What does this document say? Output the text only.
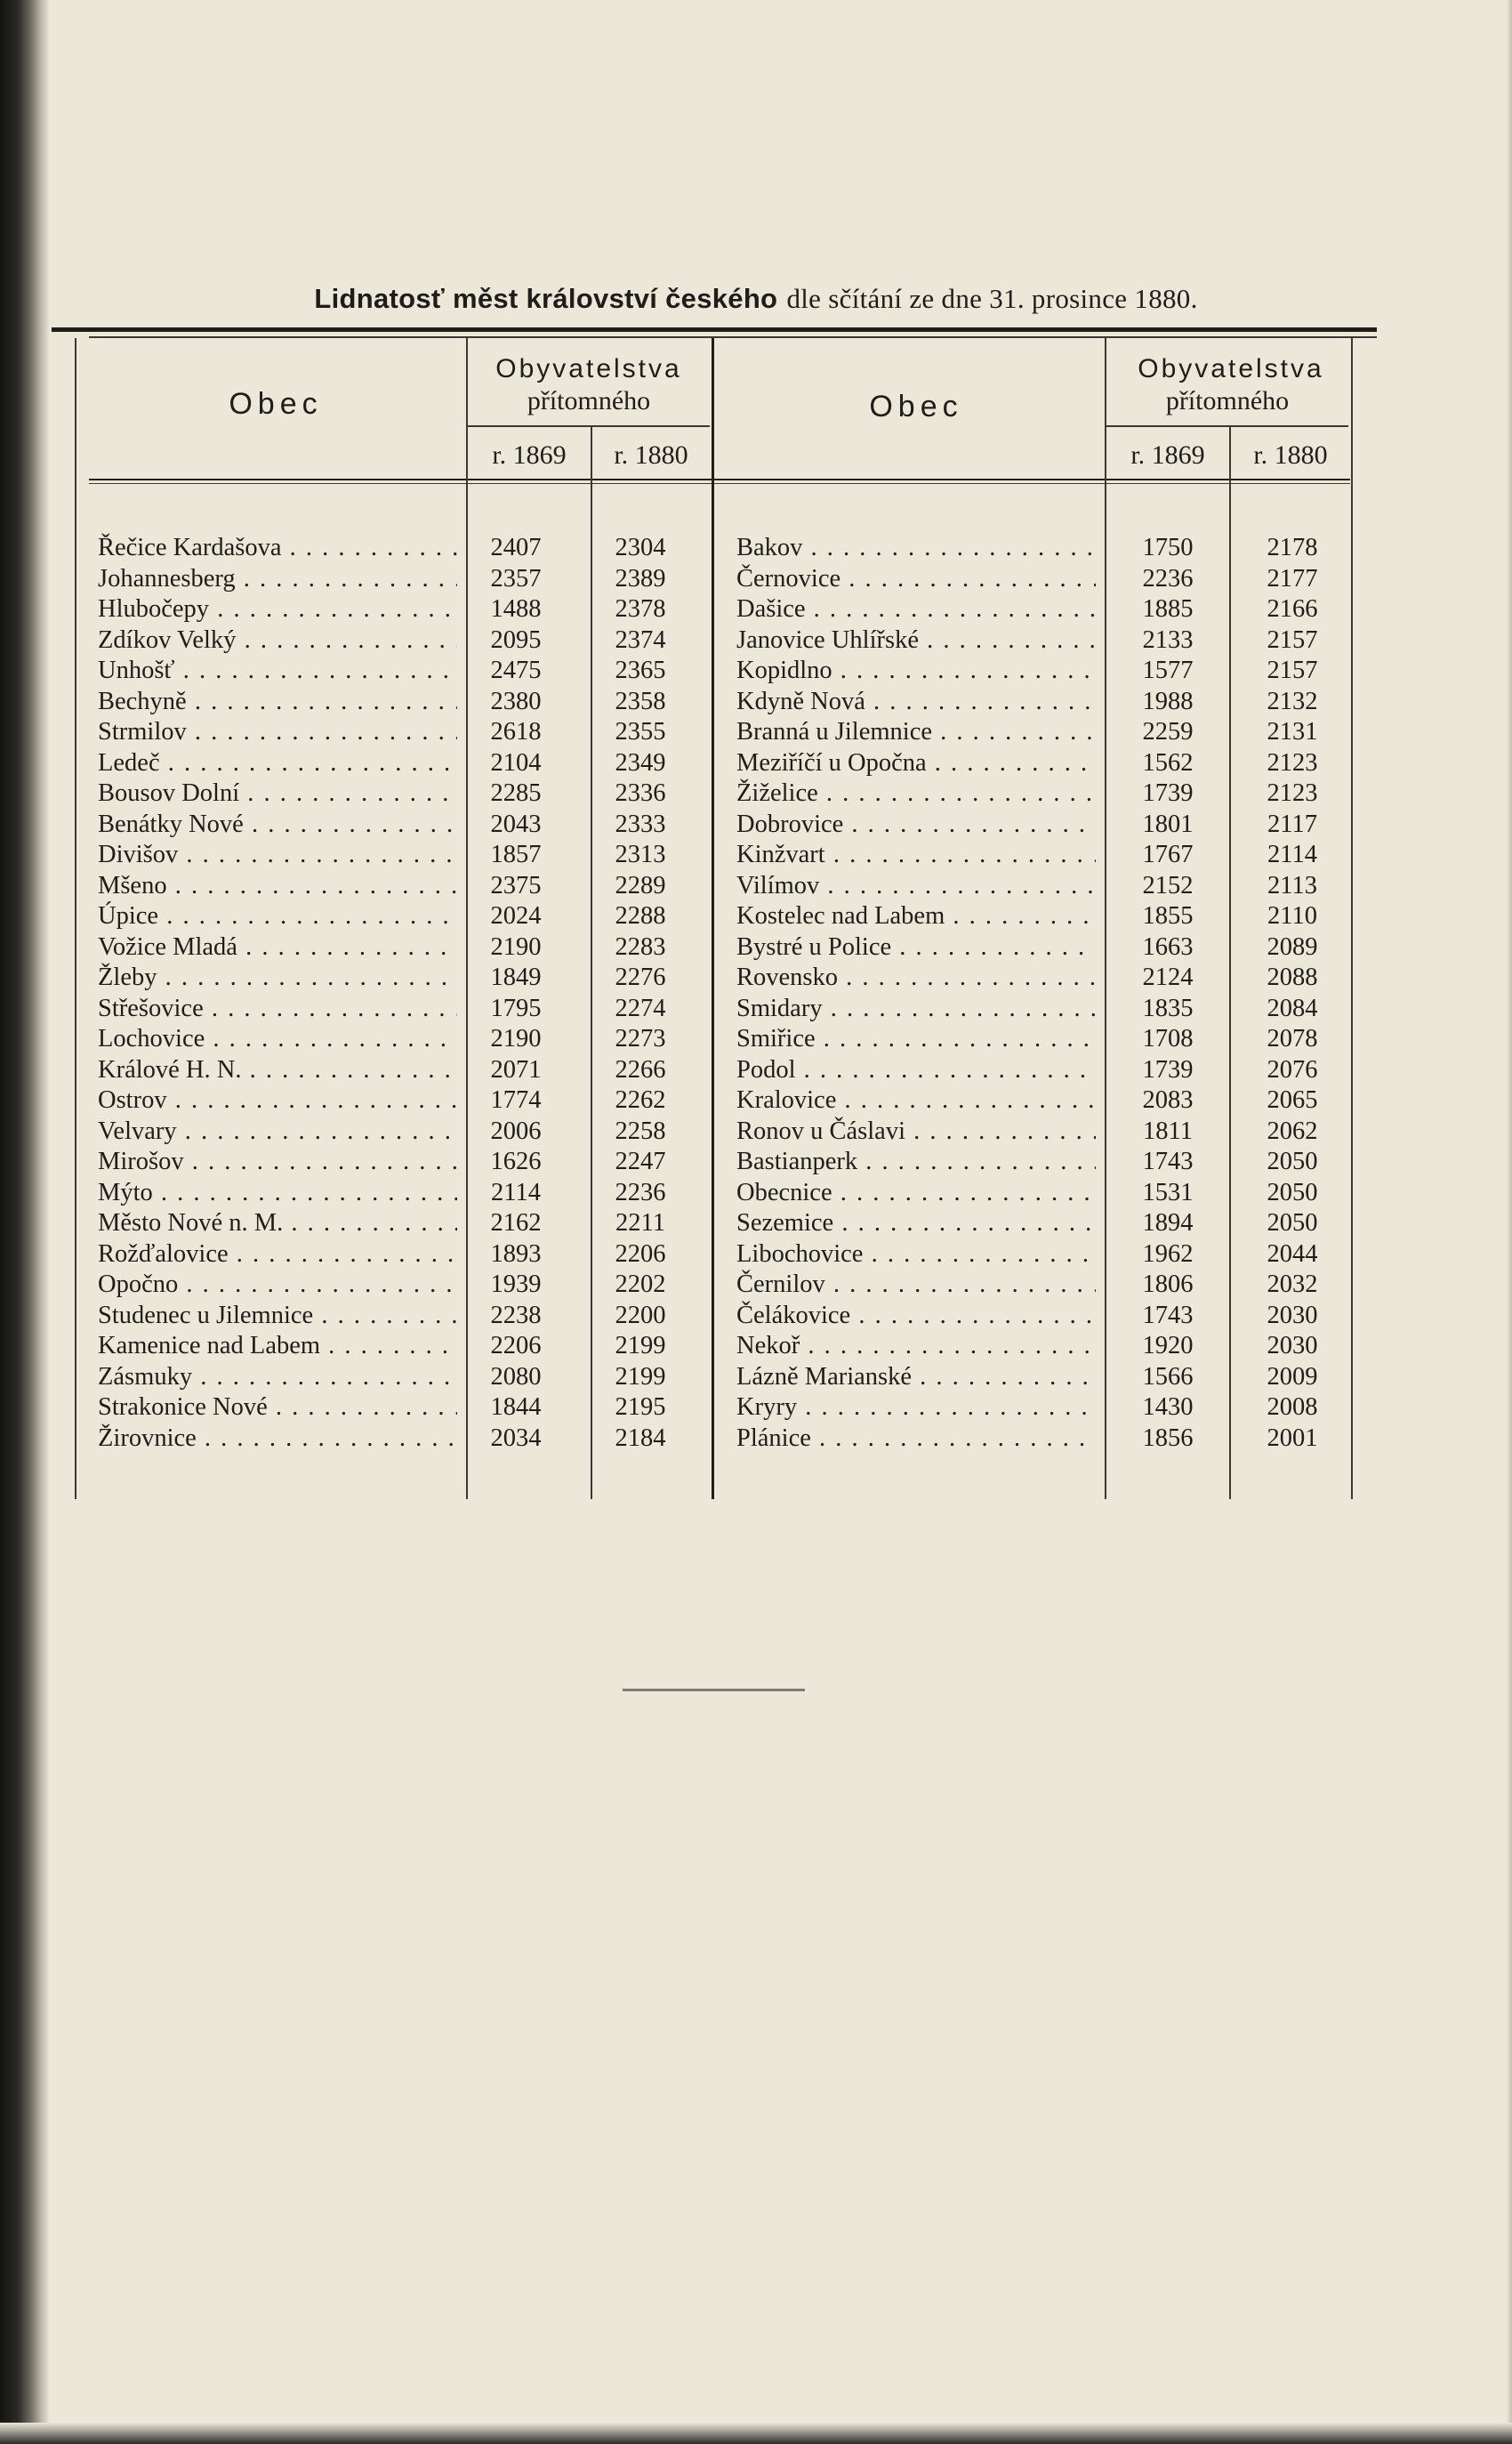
Lidnatosť měst království českého dle sčítání ze dne 31. prosince 1880.
Obec
Obyvatelstva
přítomného
r. 1869	r. 1880
Obec
Obyvatelstva
přítomného
r. 1869	r. 1880
Řečice Kardašova . . .	2407	2304
Johannesberg . . .	2357	2389
Hlubočepy . . .	1488	2378
Zdíkov Velký . . .	2095	2374
Unhošť . . .	2475	2365
Bechyně . . .	2380	2358
Strmilov . . .	2618	2355
Ledeč . . .	2104	2349
Bousov Dolní . . .	2285	2336
Benátky Nové . . .	2043	2333
Divišov . . .	1857	2313
Mšeno . . .	2375	2289
Úpice . . .	2024	2288
Vožice Mladá . . .	2190	2283
Žleby . . .	1849	2276
Střešovice . . .	1795	2274
Lochovice . . .	2190	2273
Králové H. N. . . .	2071	2266
Ostrov . . .	1774	2262
Velvary . . .	2006	2258
Mirošov . . .	1626	2247
Mýto . . .	2114	2236
Město Nové n. M. . . .	2162	2211
Rožďalovice . . .	1893	2206
Opočno . . .	1939	2202
Studenec u Jilemnice . . .	2238	2200
Kamenice nad Labem . . .	2206	2199
Zásmuky . . .	2080	2199
Strakonice Nové . . .	1844	2195
Žirovnice . . .	2034	2184
Bakov . . .	1750	2178
Černovice . . .	2236	2177
Dašice . . .	1885	2166
Janovice Uhlířské . . .	2133	2157
Kopidlno . . .	1577	2157
Kdyně Nová . . .	1988	2132
Branná u Jilemnice . . .	2259	2131
Meziříčí u Opočna . . .	1562	2123
Žiželice . . .	1739	2123
Dobrovice . . .	1801	2117
Kinžvart . . .	1767	2114
Vilímov . . .	2152	2113
Kostelec nad Labem . . .	1855	2110
Bystré u Police . . .	1663	2089
Rovensko . . .	2124	2088
Smidary . . .	1835	2084
Smiřice . . .	1708	2078
Podol . . .	1739	2076
Kralovice . . .	2083	2065
Ronov u Čáslavi . . .	1811	2062
Bastianperk . . .	1743	2050
Obecnice . . .	1531	2050
Sezemice . . .	1894	2050
Libochovice . . .	1962	2044
Černilov . . .	1806	2032
Čelákovice . . .	1743	2030
Nekoř . . .	1920	2030
Lázně Marianské . . .	1566	2009
Kryry . . .	1430	2008
Plánice . . .	1856	2001
